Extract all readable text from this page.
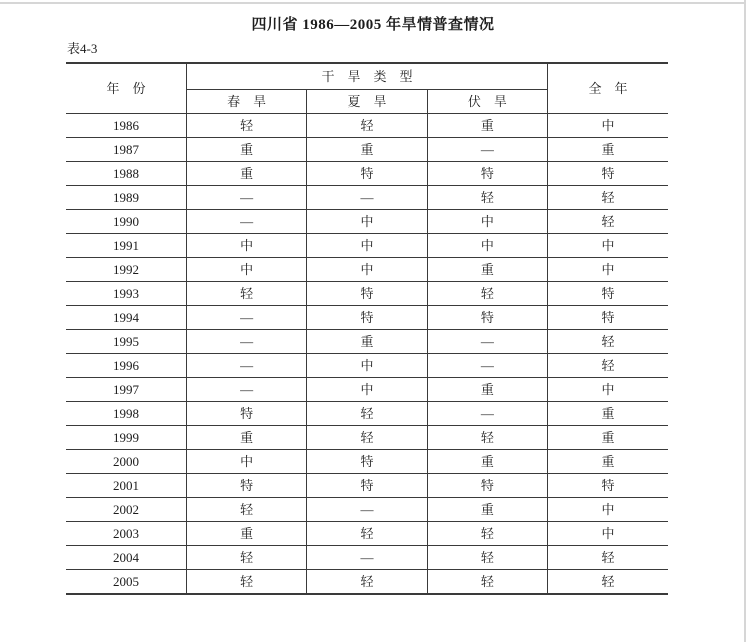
四川省 1986—2005 年旱情普查情况
表4-3
年　份	干　旱　类　型			全　年
	春　旱	夏　旱	伏　旱	
1986	轻	轻	重	中
1987	重	重	—	重
1988	重	特	特	特
1989	—	—	轻	轻
1990	—	中	中	轻
1991	中	中	中	中
1992	中	中	重	中
1993	轻	特	轻	特
1994	—	特	特	特
1995	—	重	—	轻
1996	—	中	—	轻
1997	—	中	重	中
1998	特	轻	—	重
1999	重	轻	轻	重
2000	中	特	重	重
2001	特	特	特	特
2002	轻	—	重	中
2003	重	轻	轻	中
2004	轻	—	轻	轻
2005	轻	轻	轻	轻
